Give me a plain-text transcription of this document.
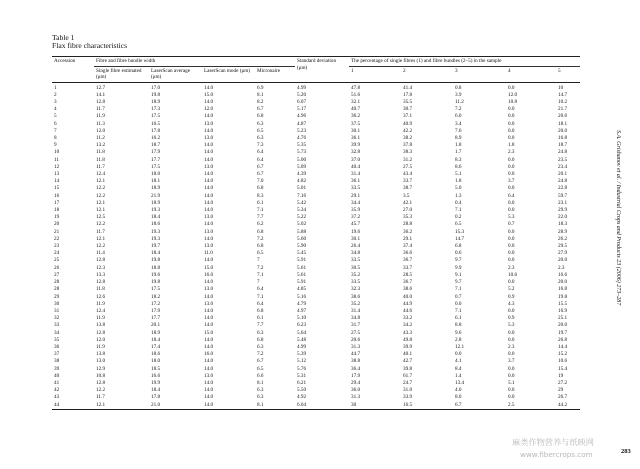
Table 1
Flax fibre characteristics
Accession	Fibre and fibre bundle width				Standard deviation (μm)	The percentage of single fibres (1) and fibre bundles (2–5) in the sample				
	Single fibre estimated (μm)	LaserScan average (μm)	LaserScan mode (μm)	Micronaire		1	2	3	4	5
1	12.7	17.0	14.0	6.9	4.99	47.8	41.4	0.8	0.0	10
2	14.1	19.8	15.0	8.1	5.20	51.6	17.8	3.9	12.0	14.7
3	12.8	18.9	14.0	8.2	6.07	32.1	35.5	11.2	10.8	10.2
4	11.7	17.3	12.0	6.7	5.17	40.7	30.7	7.2	0.0	21.7
5	11.9	17.5	14.0	6.8	4.96	36.2	37.1	6.0	0.0	20.6
6	11.3	16.5	13.0	6.3	4.87	37.5	40.9	3.4	0.0	18.1
7	12.0	17.8	14.0	6.5	5.23	30.1	42.2	7.6	0.0	20.0
8	11.2	16.2	13.0	6.3	4.76	36.1	38.2	8.9	0.0	16.8
9	13.2	18.7	14.0	7.3	5.35	39.9	37.8	1.8	1.8	18.7
10	11.8	17.9	14.0	6.4	5.73	32.8	38.3	1.7	2.3	24.8
11	11.8	17.7	14.0	6.4	5.00	37.0	31.2	8.3	0.0	23.5
12	11.7	17.5	13.0	6.7	5.09	40.4	27.5	8.6	0.0	23.4
13	12.4	18.0	14.0	6.7	4.39	31.4	43.4	5.1	0.0	20.1
14	12.1	18.1	14.0	7.0	4.82	36.1	33.7	1.8	3.7	24.8
15	12.2	18.9	14.0	6.8	5.01	33.5	38.7	5.0	0.0	22.8
16	12.2	21.9	14.0	8.3	7.16	29.1	3.5	1.3	6.4	59.7
17	12.1	18.9	14.0	6.1	5.42	34.4	42.1	0.4	0.0	23.1
18	12.1	19.3	14.0	7.1	5.34	35.9	27.0	7.1	0.0	29.9
19	12.5	18.4	13.0	7.7	5.22	37.2	35.3	0.2	5.3	22.0
20	12.2	18.6	14.0	6.2	5.02	45.7	28.8	6.5	0.7	18.3
21	11.7	19.3	13.0	6.8	5.88	19.6	36.2	15.3	0.0	28.9
22	12.1	19.3	14.0	7.2	5.60	30.1	29.1	14.7	0.0	26.2
23	12.2	19.7	13.0	6.8	5.90	26.4	37.4	6.8	0.0	29.5
24	11.4	18.4	11.0	6.5	5.45	34.8	36.6	0.6	0.0	27.9
25	12.8	19.8	14.0	7	5.91	33.5	36.7	9.7	0.0	20.0
26	12.3	18.8	15.0	7.2	5.61	30.5	33.7	9.9	2.3	2.3
27	13.3	19.6	16.0	7.1	5.61	35.2	28.5	9.1	10.6	16.6
28	12.8	19.8	14.0	7	5.91	33.5	36.7	9.7	0.0	20.0
28	11.8	17.5	13.0	6.4	4.85	32.3	38.6	7.1	5.2	16.8
29	12.6	18.2	14.0	7.1	5.16	38.6	40.0	0.7	0.9	19.8
30	11.9	17.2	13.0	6.4	4.79	35.2	44.9	0.0	4.3	15.5
31	12.4	17.9	14.0	6.8	4.97	31.4	44.6	7.1	0.0	16.9
32	11.9	17.7	14.0	6.1	5.10	34.8	33.2	6.1	0.9	25.1
33	13.8	20.1	14.0	7.7	6.23	31.7	34.2	8.8	5.3	20.0
34	12.8	18.9	15.0	6.3	5.64	27.5	43.3	9.6	0.0	19.7
35	12.0	18.4	14.0	6.8	5.48	20.6	49.8	2.8	0.0	26.8
36	11.9	17.4	14.0	6.3	4.99	31.3	39.9	12.1	2.3	14.4
37	13.8	18.6	16.0	7.2	5.39	44.7	40.1	0.0	0.0	15.2
38	13.0	18.0	14.0	6.7	5.12	38.8	42.7	4.1	3.7	10.6
39	12.9	18.5	14.0	6.5	5.76	36.4	39.8	8.4	0.0	15.4
40	10.8	16.6	13.0	6.6	5.31	17.9	61.7	1.4	0.0	19
41	12.8	19.9	14.0	8.1	6.21	29.4	24.7	13.4	5.1	27.2
42	12.2	18.4	14.0	6.3	5.50	36.0	31.0	4.0	0.0	29
43	11.7	17.8	14.0	6.3	4.92	31.3	33.9	8.0	0.0	26.7
44	12.1	21.0	14.0	8.1	6.04	30	16.5	6.7	2.5	44.2
S.A. Grishanov et al. / Industrial Crops and Products 23 (2006) 273–287
283
麻类作物营养与纸映网
www.fibercrops.com
